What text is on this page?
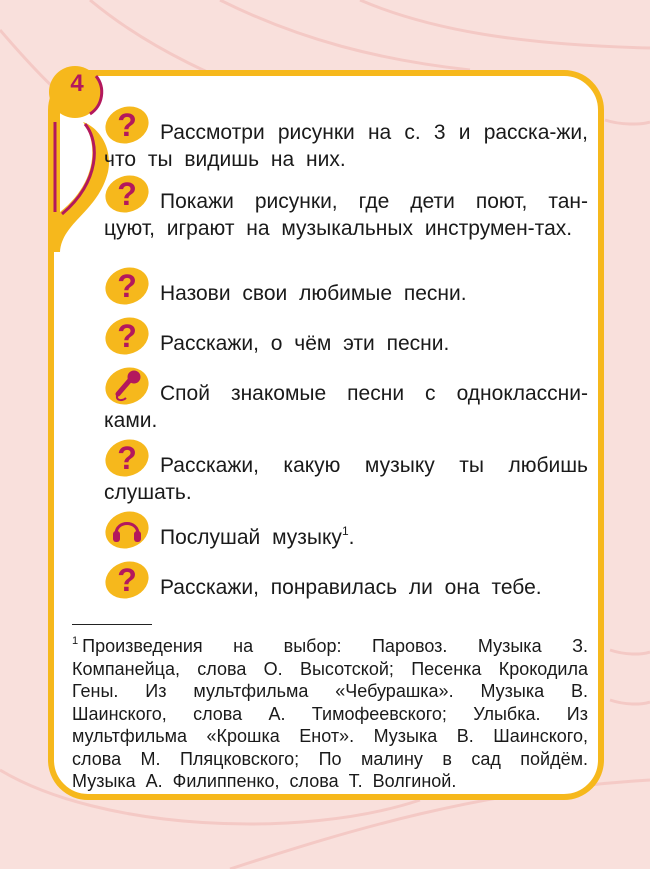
4
? Рассмотри рисунки на с. 3 и расска-жи, что ты видишь на них.
? Покажи рисунки, где дети поют, тан-цуют, играют на музыкальных инструмен-тах.
? Назови свои любимые песни.
? Расскажи, о чём эти песни.
Спой знакомые песни с одноклассни-ками.
? Расскажи, какую музыку ты любишь слушать.
Послушай музыку$^1$.
? Расскажи, понравилась ли она тебе.
$^1$ Произведения на выбор: Паровоз. Музыка З. Компанейца, слова О. Высотской; Песенка Крокодила Гены. Из мультфильма «Чебурашка». Музыка В. Шаинского, слова А. Тимофеевского; Улыбка. Из мультфильма «Крошка Енот». Музыка В. Шаинского, слова М. Пляцковского; По малину в сад пойдём. Музыка А. Филиппенко, слова Т. Волгиной.
